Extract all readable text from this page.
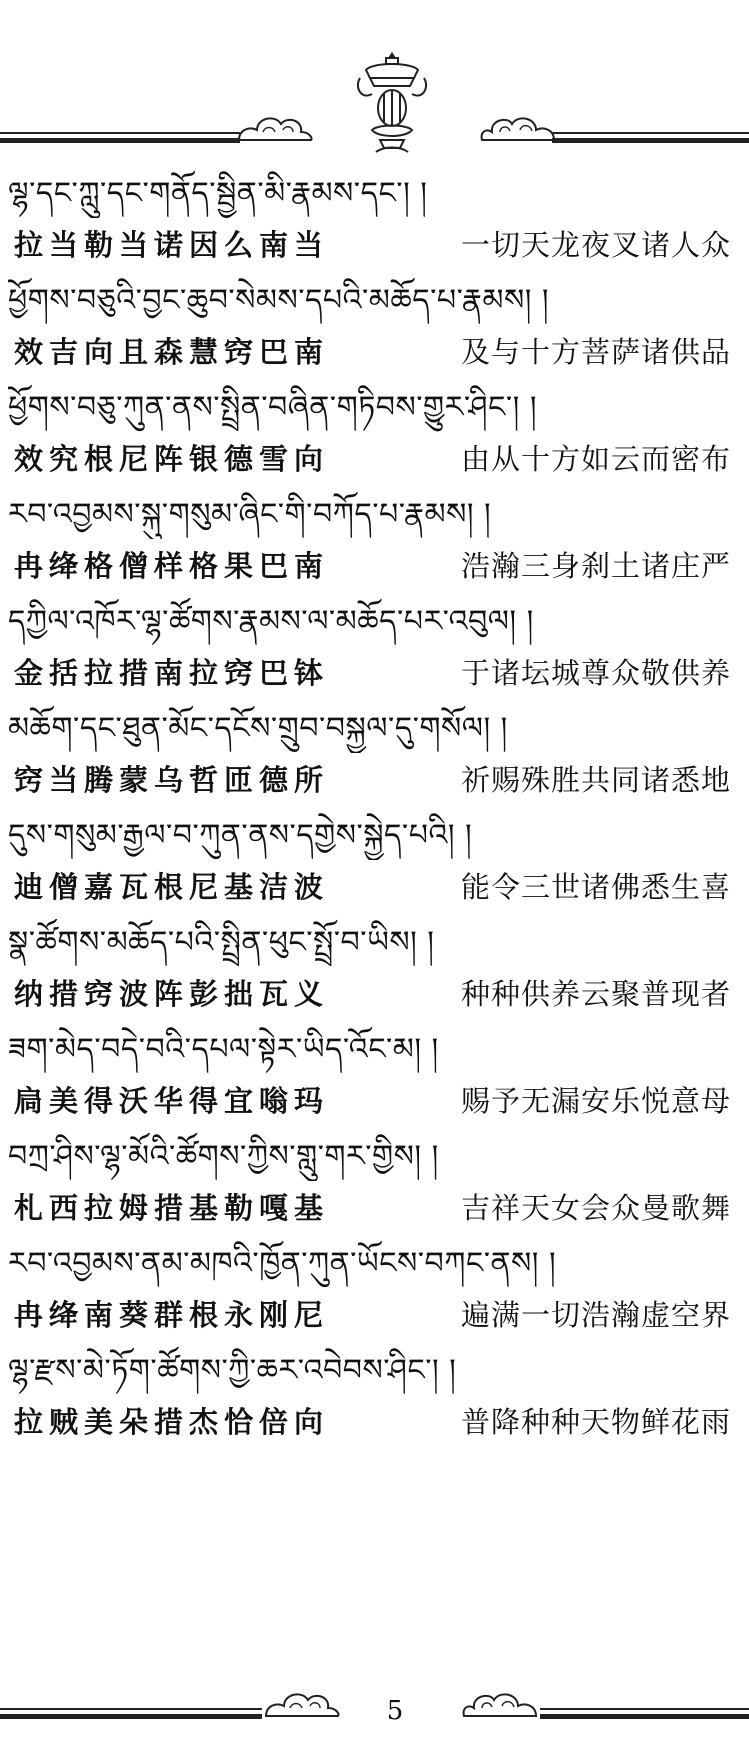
ལྷ་དང་ཀླུ་དང་གནོད་སྦྱིན་མི་རྣམས་དང་། །
拉当勒当诺因么南当	一切天龙夜叉诸人众
ཕྱོགས་བཅུའི་བྱང་ཆུབ་སེམས་དཔའི་མཆོད་པ་རྣམས། །
效吉向且森慧窍巴南	及与十方菩萨诸供品
ཕྱོགས་བཅུ་ཀུན་ནས་སྤྲིན་བཞིན་གཏིབས་གྱུར་ཤིང་། །
效究根尼阵银德雪向	由从十方如云而密布
རབ་འབྱམས་སྐུ་གསུམ་ཞིང་གི་བཀོད་པ་རྣམས། །
冉绛格僧样格果巴南	浩瀚三身刹土诸庄严
དཀྱིལ་འཁོར་ལྷ་ཚོགས་རྣམས་ལ་མཆོད་པར་འབུལ། །
金括拉措南拉窍巴钵	于诸坛城尊众敬供养
མཆོག་དང་ཐུན་མོང་དངོས་གྲུབ་བསྐྱལ་དུ་གསོལ། །
窍当腾蒙乌哲匝德所	祈赐殊胜共同诸悉地
དུས་གསུམ་རྒྱལ་བ་ཀུན་ནས་དགྱེས་སྐྱེད་པའི། །
迪僧嘉瓦根尼基洁波	能令三世诸佛悉生喜
སྣ་ཚོགས་མཆོད་པའི་སྤྲིན་ཕུང་སྤྲོ་བ་ཡིས། །
纳措窍波阵彭拙瓦义	种种供养云聚普现者
ཟག་མེད་བདེ་བའི་དཔལ་སྟེར་ཡིད་འོང་མ། །
扃美得沃华得宜嗡玛	赐予无漏安乐悦意母
བཀྲ་ཤིས་ལྷ་མོའི་ཚོགས་ཀྱིས་གླུ་གར་གྱིས། །
札西拉姆措基勒嘎基	吉祥天女会众曼歌舞
རབ་འབྱམས་ནམ་མཁའི་ཁྱོན་ཀུན་ཡོངས་བཀང་ནས། །
冉绛南葵群根永刚尼	遍满一切浩瀚虚空界
ལྷ་རྫས་མེ་ཏོག་ཚོགས་ཀྱི་ཆར་འབེབས་ཤིང་། །
拉贼美朵措杰恰倍向	普降种种天物鲜花雨
5
